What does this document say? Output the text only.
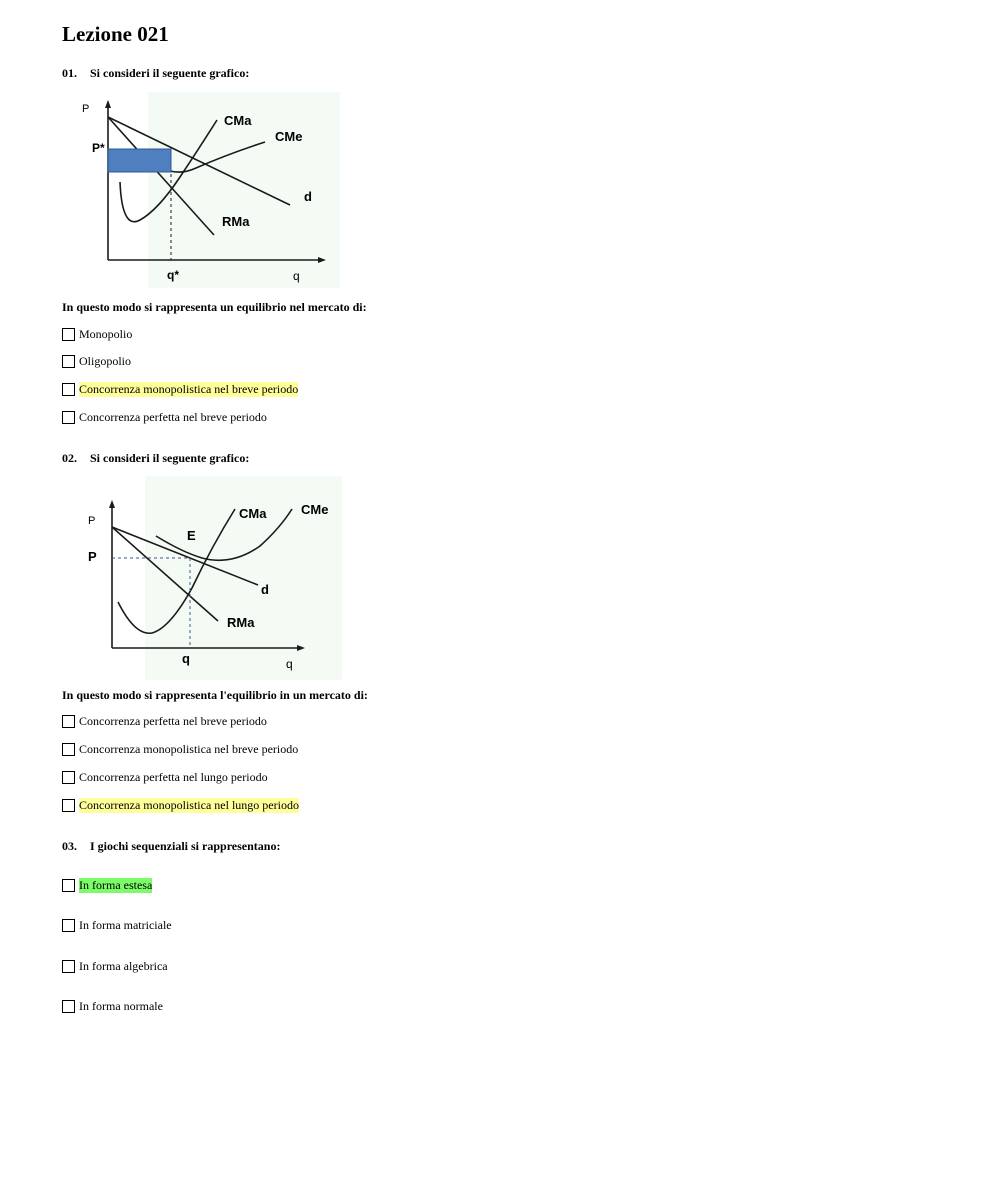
Lezione 021
01. Si consideri il seguente grafico:
P
P*
CMa
CMe
d
RMa
q*	q
In questo modo si rappresenta un equilibrio nel mercato di:
Monopolio
Oligopolio
Concorrenza monopolistica nel breve periodo
Concorrenza perfetta nel breve periodo
02. Si consideri il seguente grafico:
P
P
E
CMa	CMe
d
RMa
q	q
In questo modo si rappresenta l'equilibrio in un mercato di:
Concorrenza perfetta nel breve periodo
Concorrenza monopolistica nel breve periodo
Concorrenza perfetta nel lungo periodo
Concorrenza monopolistica nel lungo periodo
03. I giochi sequenziali si rappresentano:
In forma estesa
In forma matriciale
In forma algebrica
In forma normale
